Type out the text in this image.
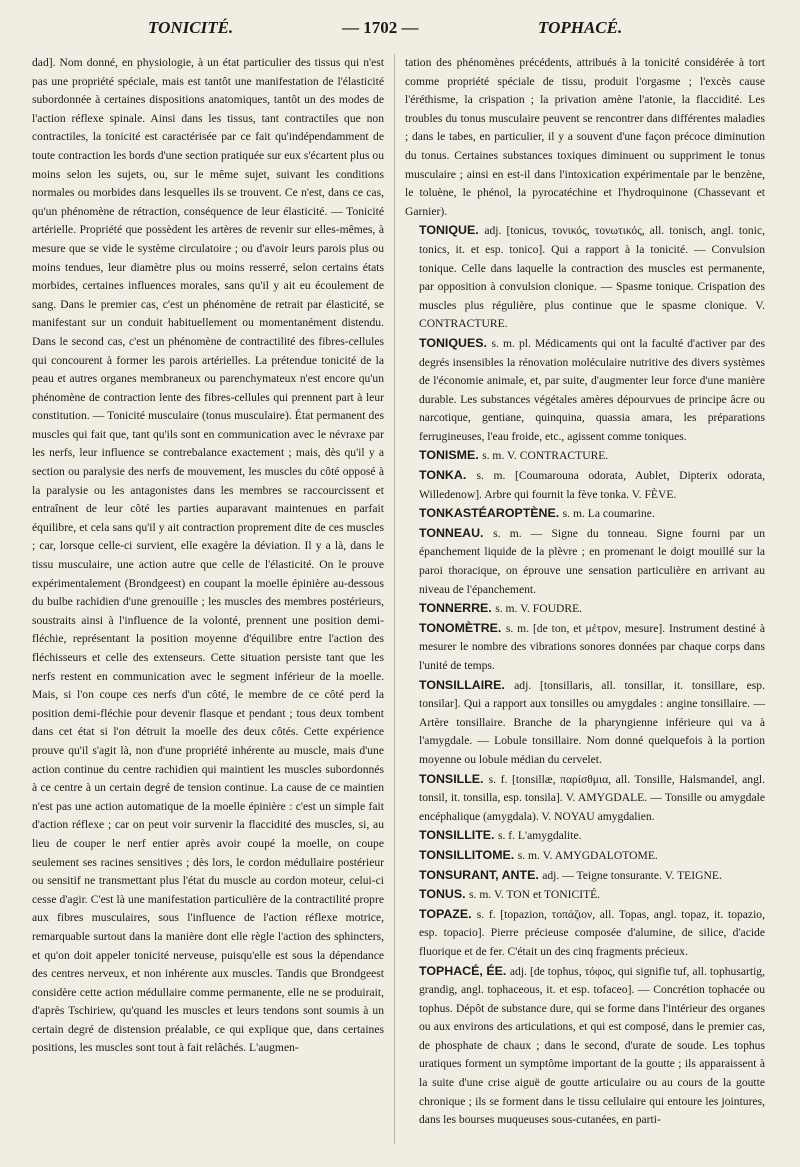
TONICITÉ.	— 1702 —	TOPHACÉ.

dad]. Nom donné, en physiologie, à un état particulier des tissus qui n'est pas une propriété spéciale, mais est tantôt une manifestation de l'élasticité subordonnée à certaines dispositions anatomiques, tantôt un des modes de l'action réflexe spinale. Ainsi dans les tissus, tant contractiles que non contractiles, la tonicité est caractérisée par ce fait qu'indépendamment de toute contraction les bords d'une section pratiquée sur eux s'écartent plus ou moins selon les sujets, ou, sur le même sujet, suivant les conditions normales ou morbides dans lesquelles ils se trouvent. Ce n'est, dans ce cas, qu'un phénomène de rétraction, conséquence de leur élasticité. — Tonicité artérielle. Propriété que possèdent les artères de revenir sur elles-mêmes, à mesure que se vide le système circulatoire ; ou d'avoir leurs parois plus ou moins tendues, leur diamètre plus ou moins resserré, selon certains états morbides, certaines influences morales, sans qu'il y ait eu écoulement de sang. Dans le premier cas, c'est un phénomène de retrait par élasticité, se manifestant sur un conduit habituellement ou momentanément distendu. Dans le second cas, c'est un phénomène de contractilité des fibres-cellules qui concourent à former les parois artérielles. La prétendue tonicité de la peau et autres organes membraneux ou parenchymateux n'est encore qu'un phénomène de contraction lente des fibres-cellules qui prennent part à leur constitution. — Tonicité musculaire (tonus musculaire). État permanent des muscles qui fait que, tant qu'ils sont en communication avec le névraxe par les nerfs, leur influence se contrebalance exactement ; mais, dès qu'il y a section ou paralysie des nerfs de mouvement, les muscles du côté opposé à la paralysie ou les antagonistes dans les membres se raccourcissent et entraînent de leur côté les parties auparavant maintenues en parfait équilibre, et cela sans qu'il y ait contraction proprement dite de ces muscles ; car, lorsque celle-ci survient, elle exagère la déviation. Il y a là, dans le tissu musculaire, une action autre que celle de l'élasticité. On le prouve expérimentalement (Brondgeest) en coupant la moelle épinière au-dessous du bulbe rachidien d'une grenouille ; les muscles des membres postérieurs, soustraits ainsi à l'influence de la volonté, prennent une position demi-fléchie, représentant la position moyenne d'équilibre entre l'action des fléchisseurs et celle des extenseurs. Cette situation persiste tant que les nerfs restent en communication avec le segment inférieur de la moelle. Mais, si l'on coupe ces nerfs d'un côté, le membre de ce côté perd la position demi-fléchie pour devenir flasque et pendant ; tous deux tombent dans cet état si l'on détruit la moelle des deux côtés. Cette expérience prouve qu'il s'agit là, non d'une propriété inhérente au muscle, mais d'une action continue du centre rachidien qui maintient les muscles subordonnés à ce centre à un certain degré de tension continue. La cause de ce maintien n'est pas une action automatique de la moelle épinière : c'est un simple fait d'action réflexe ; car on peut voir survenir la flaccidité des muscles, si, au lieu de couper le nerf entier après avoir coupé la moelle, on coupe seulement ses racines sensitives ; dès lors, le cordon médullaire postérieur ou sensitif ne transmettant plus l'état du muscle au cordon moteur, celui-ci cesse d'agir. C'est là une manifestation particulière de la contractilité propre aux fibres musculaires, sous l'influence de l'action réflexe motrice, remarquable surtout dans la manière dont elle règle l'action des sphincters, et qu'on doit appeler tonicité nerveuse, puisqu'elle est sous la dépendance des centres nerveux, et non inhérente aux muscles. Tandis que Brondgeest considère cette action médullaire comme permanente, elle ne se produirait, d'après Tschiriew, qu'quand les muscles et leurs tendons sont soumis à un certain degré de distension préalable, ce qui explique que, dans certaines positions, les muscles sont tout à fait relâchés. L'augmen-

tation des phénomènes précédents, attribués à la tonicité considérée à tort comme propriété spéciale de tissu, produit l'orgasme ; l'excès cause l'éréthisme, la crispation ; la privation amène l'atonie, la flaccidité. Les troubles du tonus musculaire peuvent se rencontrer dans différentes maladies ; dans le tabes, en particulier, il y a souvent d'une façon précoce diminution du tonus. Certaines substances toxiques diminuent ou suppriment le tonus musculaire ; ainsi en est-il dans l'intoxication expérimentale par le benzène, le toluène, le phénol, la pyrocatéchine et l'hydroquinone (Chassevant et Garnier).

TONIQUE. adj. [tonicus, τονικός, τονωτικός, all. tonisch, angl. tonic, tonics, it. et esp. tonico]. Qui a rapport à la tonicité. — Convulsion tonique. Celle dans laquelle la contraction des muscles est permanente, par opposition à convulsion clonique. — Spasme tonique. Crispation des muscles plus régulière, plus continue que le spasme clonique. V. CONTRACTURE.

TONIQUES. s. m. pl. Médicaments qui ont la faculté d'activer par des degrés insensibles la rénovation moléculaire nutritive des divers systèmes de l'économie animale, et, par suite, d'augmenter leur force d'une manière durable. Les substances végétales amères dépourvues de principe âcre ou narcotique, gentiane, quinquina, quassia amara, les préparations ferrugineuses, l'eau froide, etc., agissent comme toniques.

TONISME. s. m. V. CONTRACTURE.

TONKA. s. m. [Coumarouna odorata, Aublet, Dipterix odorata, Willedenow]. Arbre qui fournit la fève tonka. V. FÈVE.

TONKASTÉAROPTÈNE. s. m. La coumarine.

TONNEAU. s. m. — Signe du tonneau. Signe fourni par un épanchement liquide de la plèvre ; en promenant le doigt mouillé sur la paroi thoracique, on éprouve une sensation particulière en arrivant au niveau de l'épanchement.

TONNERRE. s. m. V. FOUDRE.

TONOMÈTRE. s. m. [de ton, et μέτρον, mesure]. Instrument destiné à mesurer le nombre des vibrations sonores données par chaque corps dans l'unité de temps.

TONSILLAIRE. adj. [tonsillaris, all. tonsillar, it. tonsillare, esp. tonsilar]. Qui a rapport aux tonsilles ou amygdales : angine tonsillaire. — Artère tonsillaire. Branche de la pharyngienne inférieure qui va à l'amygdale. — Lobule tonsillaire. Nom donné quelquefois à la portion moyenne ou lobule médian du cervelet.

TONSILLE. s. f. [tonsillæ, παρίσθμια, all. Tonsille, Halsmandel, angl. tonsil, it. tonsilla, esp. tonsila]. V. AMYGDALE. — Tonsille ou amygdale encéphalique (amygdala). V. NOYAU amygdalien.

TONSILLITE. s. f. L'amygdalite.

TONSILLITOME. s. m. V. AMYGDALOTOME.

TONSURANT, ANTE. adj. — Teigne tonsurante. V. TEIGNE.

TONUS. s. m. V. TON et TONICITÉ.

TOPAZE. s. f. [topazion, τοπάζιον, all. Topas, angl. topaz, it. topazio, esp. topacio]. Pierre précieuse composée d'alumine, de silice, d'acide fluorique et de fer. C'était un des cinq fragments précieux.

TOPHACÉ, ÉE. adj. [de tophus, τόφος, qui signifie tuf, all. tophusartig, grandig, angl. tophaceous, it. et esp. tofaceo]. — Concrétion tophacée ou tophus. Dépôt de substance dure, qui se forme dans l'intérieur des organes ou aux environs des articulations, et qui est composé, dans le premier cas, de phosphate de chaux ; dans le second, d'urate de soude. Les tophus uratiques forment un symptôme important de la goutte ; ils apparaissent à la suite d'une crise aiguë de goutte articulaire ou au cours de la goutte chronique ; ils se forment dans le tissu cellulaire qui entoure les jointures, dans les bourses muqueuses sous-cutanées, en parti-
